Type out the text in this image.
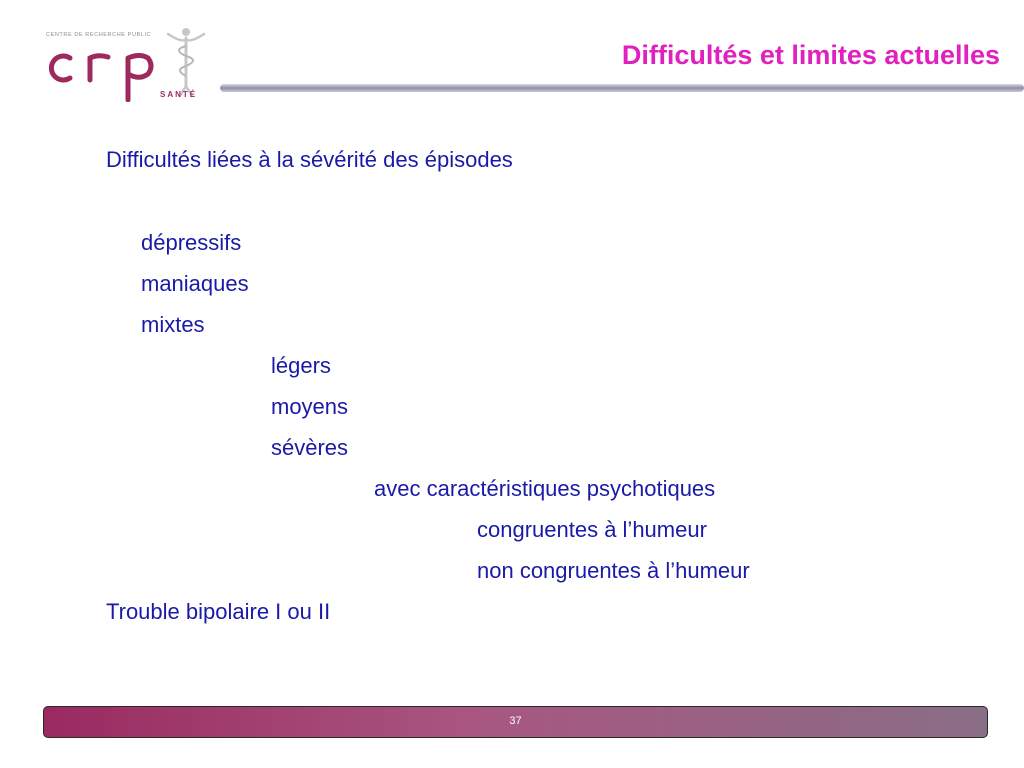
CENTRE DE RECHERCHE PUBLIC
SANTÉ
Difficultés et limites actuelles
Difficultés liées à la sévérité des épisodes
dépressifs
maniaques
mixtes
légers
moyens
sévères
avec caractéristiques psychotiques
congruentes à l’humeur
non congruentes à l’humeur
Trouble bipolaire I ou II
37
